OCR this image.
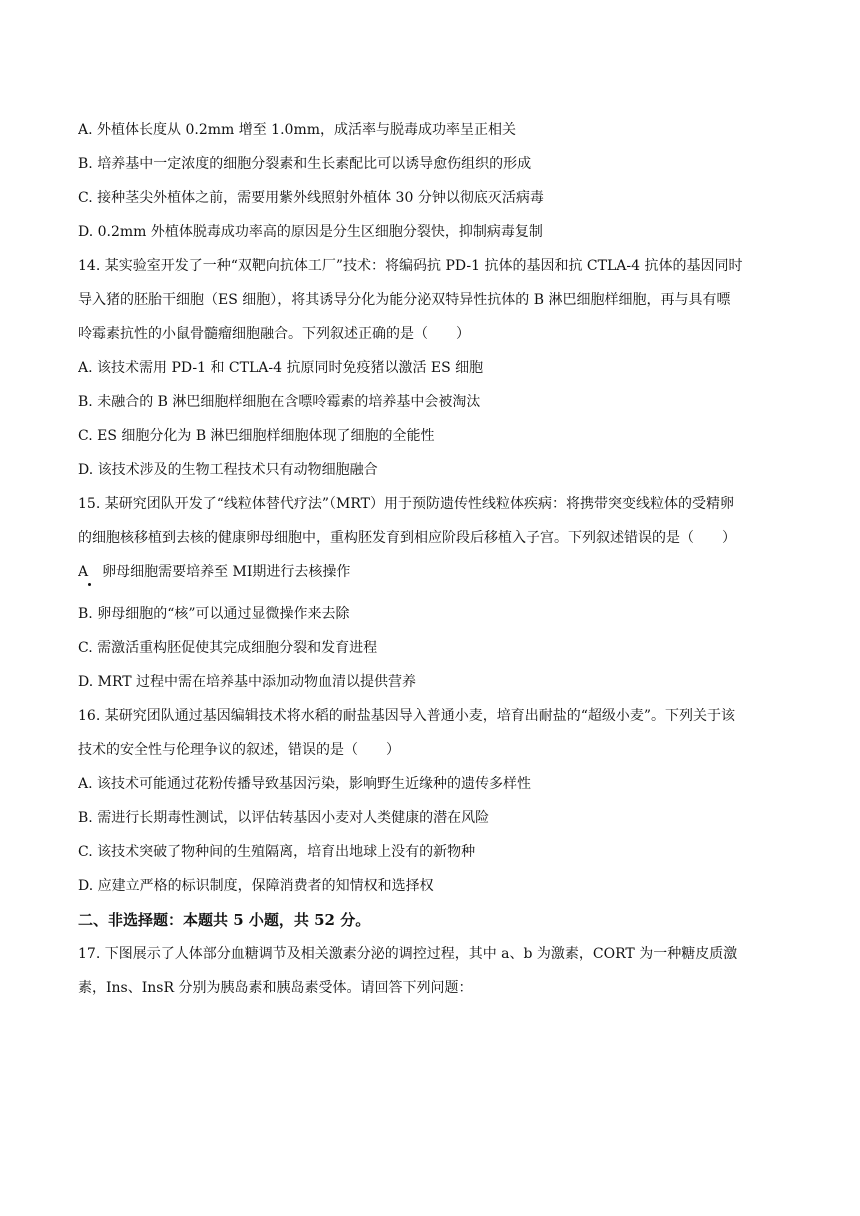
A. 外植体长度从 0.2mm 增至 1.0mm，成活率与脱毒成功率呈正相关
B. 培养基中一定浓度的细胞分裂素和生长素配比可以诱导愈伤组织的形成
C. 接种茎尖外植体之前，需要用紫外线照射外植体 30 分钟以彻底灭活病毒
D. 0.2mm 外植体脱毒成功率高的原因是分生区细胞分裂快，抑制病毒复制
14. 某实验室开发了一种“双靶向抗体工厂”技术：将编码抗 PD-1 抗体的基因和抗 CTLA-4 抗体的基因同时
导入猪的胚胎干细胞（ES 细胞），将其诱导分化为能分泌双特异性抗体的 B 淋巴细胞样细胞，再与具有嘌
呤霉素抗性的小鼠骨髓瘤细胞融合。下列叙述正确的是（　　）
A. 该技术需用 PD-1 和 CTLA-4 抗原同时免疫猪以激活 ES 细胞
B. 未融合的 B 淋巴细胞样细胞在含嘌呤霉素的培养基中会被淘汰
C. ES 细胞分化为 B 淋巴细胞样细胞体现了细胞的全能性
D. 该技术涉及的生物工程技术只有动物细胞融合
15. 某研究团队开发了“线粒体替代疗法”（MRT）用于预防遗传性线粒体疾病：将携带突变线粒体的受精卵
的细胞核移植到去核的健康卵母细胞中，重构胚发育到相应阶段后移植入子宫。下列叙述错误的是（　　）
A　卵母细胞需要培养至 MⅠ期进行去核操作
B. 卵母细胞的“核”可以通过显微操作来去除
C. 需激活重构胚促使其完成细胞分裂和发育进程
D. MRT 过程中需在培养基中添加动物血清以提供营养
16. 某研究团队通过基因编辑技术将水稻的耐盐基因导入普通小麦，培育出耐盐的“超级小麦”。下列关于该
技术的安全性与伦理争议的叙述，错误的是（　　）
A. 该技术可能通过花粉传播导致基因污染，影响野生近缘种的遗传多样性
B. 需进行长期毒性测试，以评估转基因小麦对人类健康的潜在风险
C. 该技术突破了物种间的生殖隔离，培育出地球上没有的新物种
D. 应建立严格的标识制度，保障消费者的知情权和选择权
二、非选择题：本题共 5 小题，共 52 分。
17. 下图展示了人体部分血糖调节及相关激素分泌的调控过程，其中 a、b 为激素，CORT 为一种糖皮质激
素，Ins、InsR 分别为胰岛素和胰岛素受体。请回答下列问题：
